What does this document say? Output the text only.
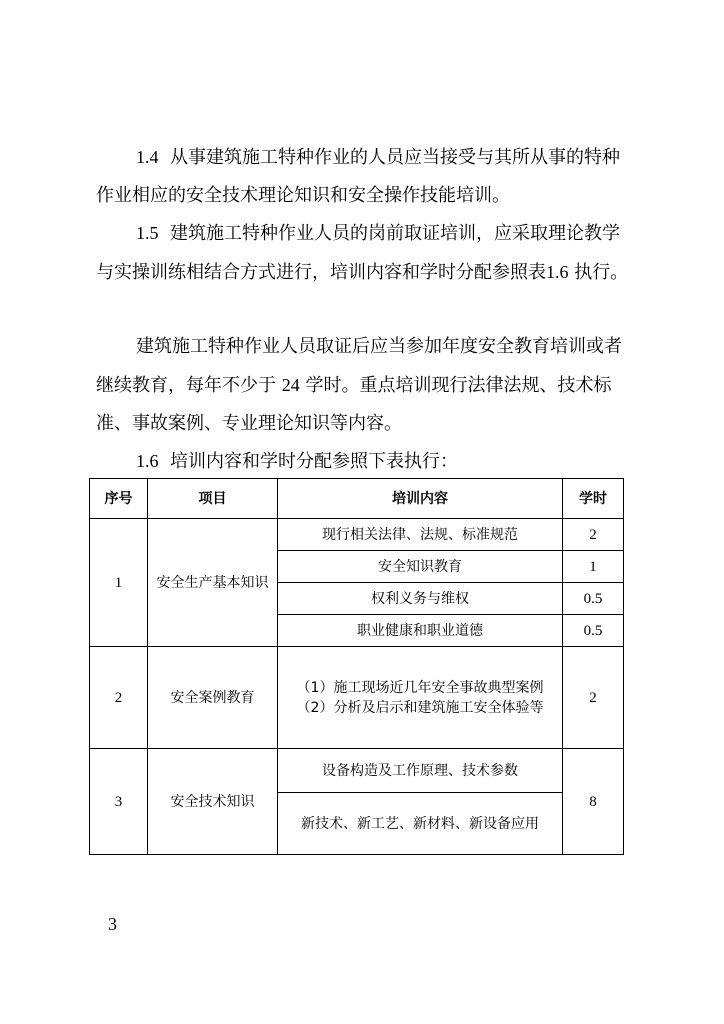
1.4 从事建筑施工特种作业的人员应当接受与其所从事的特种作业相应的安全技术理论知识和安全操作技能培训。

1.5 建筑施工特种作业人员的岗前取证培训，应采取理论教学与实操训练相结合方式进行，培训内容和学时分配参照表1.6 执行。

建筑施工特种作业人员取证后应当参加年度安全教育培训或者继续教育，每年不少于 24 学时。重点培训现行法律法规、技术标准、事故案例、专业理论知识等内容。

1.6 培训内容和学时分配参照下表执行：

序号	项目	培训内容	学时
1	安全生产基本知识	现行相关法律、法规、标准规范	2
		安全知识教育	1
		权利义务与维权	0.5
		职业健康和职业道德	0.5
2	安全案例教育	（1）施工现场近几年安全事故典型案例
（2）分析及启示和建筑施工安全体验等	2
3	安全技术知识	设备构造及工作原理、技术参数	8
		新技术、新工艺、新材料、新设备应用	
3
